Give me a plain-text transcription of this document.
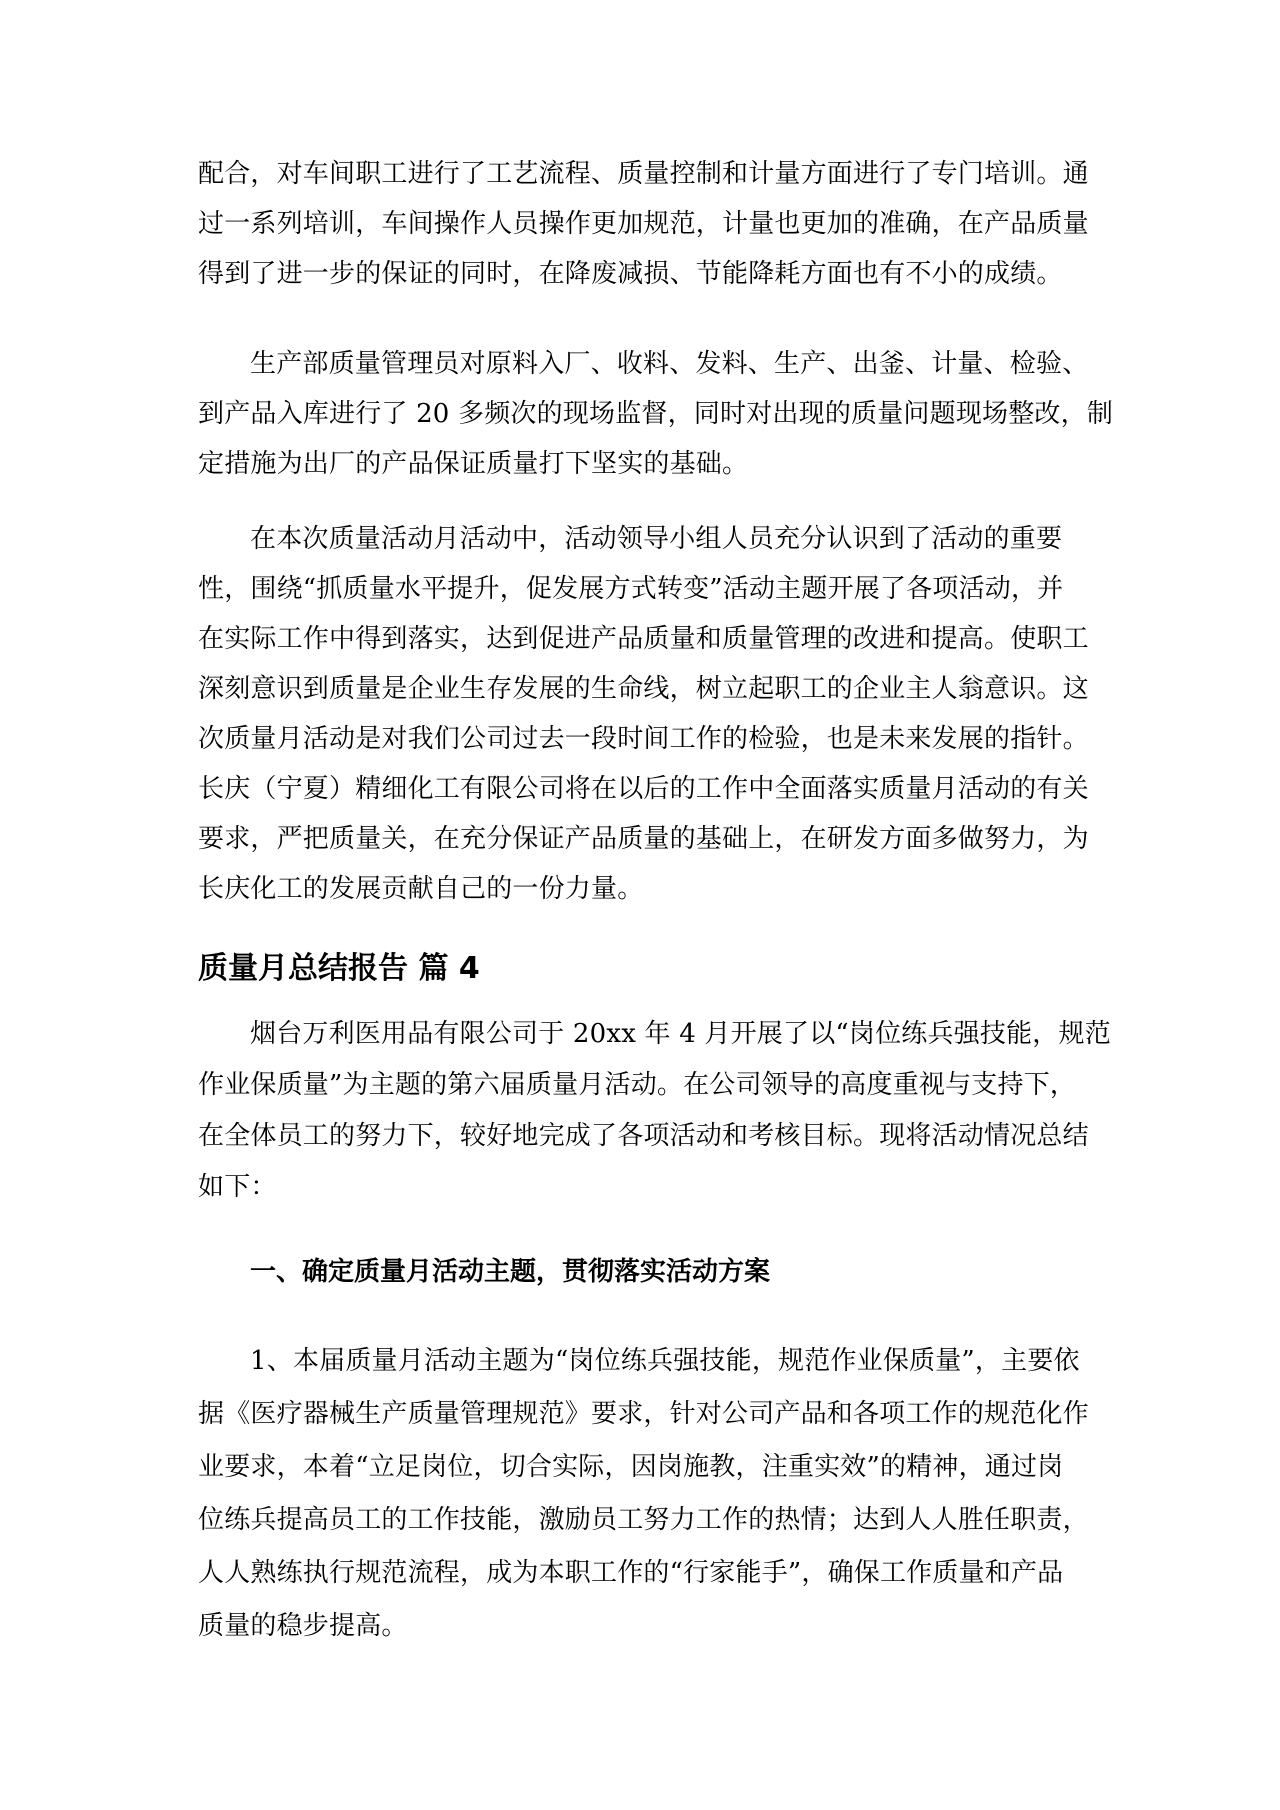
配合，对车间职工进行了工艺流程、质量控制和计量方面进行了专门培训。通

过一系列培训，车间操作人员操作更加规范，计量也更加的准确，在产品质量

得到了进一步的保证的同时，在降废减损、节能降耗方面也有不小的成绩。

生产部质量管理员对原料入厂、收料、发料、生产、出釜、计量、检验、

到产品入库进行了 20 多频次的现场监督，同时对出现的质量问题现场整改，制

定措施为出厂的产品保证质量打下坚实的基础。

在本次质量活动月活动中，活动领导小组人员充分认识到了活动的重要

性，围绕“抓质量水平提升，促发展方式转变”活动主题开展了各项活动，并

在实际工作中得到落实，达到促进产品质量和质量管理的改进和提高。使职工

深刻意识到质量是企业生存发展的生命线，树立起职工的企业主人翁意识。这

次质量月活动是对我们公司过去一段时间工作的检验，也是未来发展的指针。

长庆（宁夏）精细化工有限公司将在以后的工作中全面落实质量月活动的有关

要求，严把质量关，在充分保证产品质量的基础上，在研发方面多做努力，为

长庆化工的发展贡献自己的一份力量。

质量月总结报告 篇 4

烟台万利医用品有限公司于 20xx 年 4 月开展了以“岗位练兵强技能，规范

作业保质量”为主题的第六届质量月活动。在公司领导的高度重视与支持下，

在全体员工的努力下，较好地完成了各项活动和考核目标。现将活动情况总结

如下：

一、确定质量月活动主题，贯彻落实活动方案

1、本届质量月活动主题为“岗位练兵强技能，规范作业保质量”，主要依

据《医疗器械生产质量管理规范》要求，针对公司产品和各项工作的规范化作

业要求，本着“立足岗位，切合实际，因岗施教，注重实效”的精神，通过岗

位练兵提高员工的工作技能，激励员工努力工作的热情；达到人人胜任职责，

人人熟练执行规范流程，成为本职工作的“行家能手”，确保工作质量和产品

质量的稳步提高。
